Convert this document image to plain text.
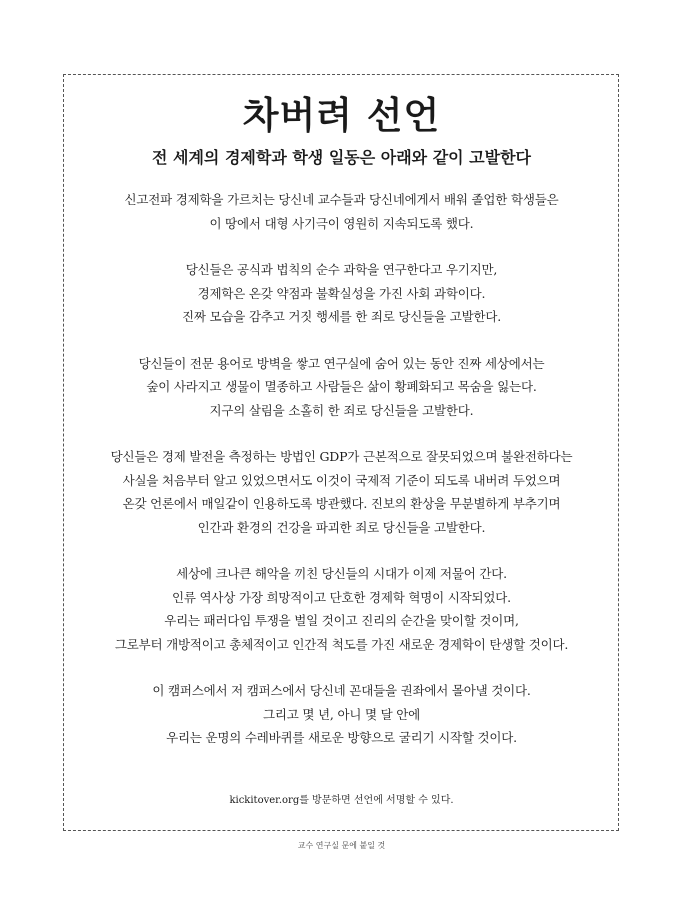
차버려 선언
전 세계의 경제학과 학생 일동은 아래와 같이 고발한다

신고전파 경제학을 가르치는 당신네 교수들과 당신네에게서 배워 졸업한 학생들은
이 땅에서 대형 사기극이 영원히 지속되도록 했다.

당신들은 공식과 법칙의 순수 과학을 연구한다고 우기지만,
경제학은 온갖 약점과 불확실성을 가진 사회 과학이다.
진짜 모습을 감추고 거짓 행세를 한 죄로 당신들을 고발한다.

당신들이 전문 용어로 방벽을 쌓고 연구실에 숨어 있는 동안 진짜 세상에서는
숲이 사라지고 생물이 멸종하고 사람들은 삶이 황폐화되고 목숨을 잃는다.
지구의 살림을 소홀히 한 죄로 당신들을 고발한다.

당신들은 경제 발전을 측정하는 방법인 GDP가 근본적으로 잘못되었으며 불완전하다는
사실을 처음부터 알고 있었으면서도 이것이 국제적 기준이 되도록 내버려 두었으며
온갖 언론에서 매일같이 인용하도록 방관했다. 진보의 환상을 무분별하게 부추기며
인간과 환경의 건강을 파괴한 죄로 당신들을 고발한다.

세상에 크나큰 해악을 끼친 당신들의 시대가 이제 저물어 간다.
인류 역사상 가장 희망적이고 단호한 경제학 혁명이 시작되었다.
우리는 패러다임 투쟁을 벌일 것이고 진리의 순간을 맞이할 것이며,
그로부터 개방적이고 총체적이고 인간적 척도를 가진 새로운 경제학이 탄생할 것이다.

이 캠퍼스에서 저 캠퍼스에서 당신네 꼰대들을 권좌에서 몰아낼 것이다.
그리고 몇 년, 아니 몇 달 안에
우리는 운명의 수레바퀴를 새로운 방향으로 굴리기 시작할 것이다.

kickitover.org를 방문하면 선언에 서명할 수 있다.
교수 연구실 문에 붙일 것
